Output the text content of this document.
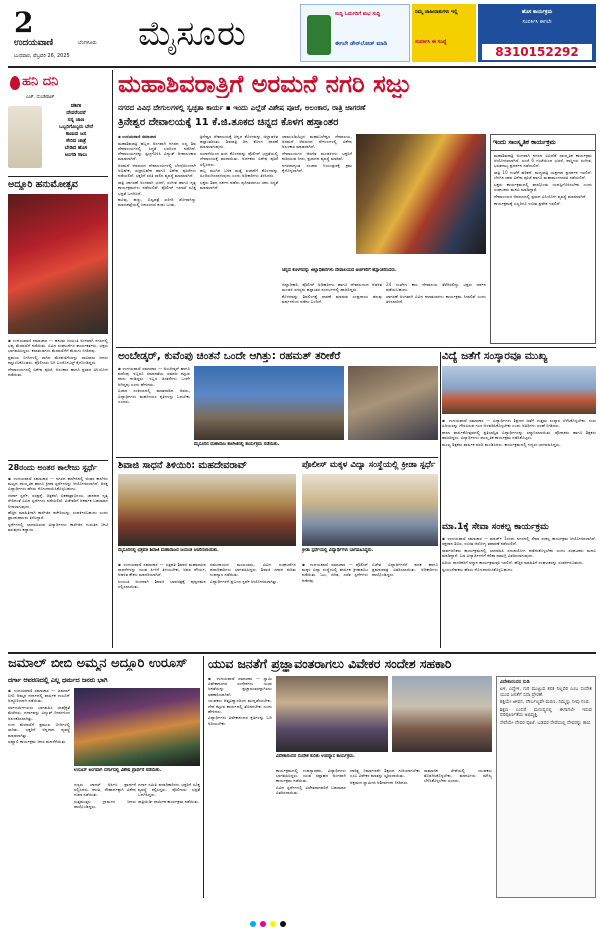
2
ಉದಯವಾಣಿ	ಬೆಂಗಳೂರು
ಬುಧವಾರ, ಫೆಬ್ರವರಿ 26, 2025
ಮೈಸೂರು	ಸುದ್ದಿ ಓದುಗರಿಗೆ ಶುಭ ಸುದ್ದಿ
ಈಗಲೇ ಡೌನ್‌ಲೋಡ್ ಮಾಡಿ
ನಿಮ್ಮ ಜಾಹೀರಾತುಗಳು ಇಲ್ಲಿ
ಸಂಪರ್ಕಿಸಿ ಈ ಸಂಖ್ಯೆ
ಹೊಸ ಕಾರ್ಯಕ್ರಮ
ಸಂಪರ್ಕಿಸಿ ಈಗಲೇ
8310152292
ಹನಿ ದನಿ
ಎಚ್. ದುಂಡಿರಾಜ್
ಜಾಣ
ದೇವರೆಂದರೆ
ನನ್ನ ಜಾಣ
ಒಬ್ಬರಿಗೊಬ್ಬರು ಬೇರೆ
ಕಾಣುವ ಜನ
ಸೇರಿದ ಜಾತ್ರೆ
ಬೇಡಿದ ಹೊಸ
ಅಂಗಡಿ ಸಾಲು
ಅದ್ದೂರಿ ಹನುಮೋತ್ಸವ

▪ ಉದಯವಾಣಿ ಸಮಾಚಾರ — ಹನುಮ ಜಯಂತಿ ಅಂಗವಾಗಿ ನಗರದಲ್ಲಿ ಭವ್ಯ ಮೆರವಣಿಗೆ ನಡೆಯಿತು. ವಿವಿಧ ಸಂಘಟನೆಗಳ ಕಾರ್ಯಕರ್ತರು, ಭಕ್ತರು ಭಾಗವಹಿಸಿದ್ದರು. ಕಲಾತಂಡಗಳು ಮೆರವಣಿಗೆಗೆ ಮೆರುಗು ನೀಡಿದವು.

ಪ್ರಮುಖ ಬೀದಿಗಳಲ್ಲಿ ಸಾಗಿದ ಮೆರವಣಿಗೆಯನ್ನು ಸಾವಿರಾರು ಜನರು ಕಣ್ತುಂಬಿಕೊಂಡರು. ಪೊಲೀಸರು ಬಿಗಿ ಬಂದೋಬಸ್ತ್ ಕೈಗೊಂಡಿದ್ದರು.

ದೇವಾಲಯಗಳಲ್ಲಿ ವಿಶೇಷ ಪೂಜೆ, ಅಲಂಕಾರ ಹಾಗೂ ಪ್ರಸಾದ ವಿನಿಯೋಗ ನಡೆಯಿತು.

28ರಂದು ಅಂತರ ಕಾಲೇಜು ಸ್ಪರ್ಧೆ

▪ ಉದಯವಾಣಿ ಸಮಾಚಾರ — ನಗರದ ಕಾಲೇಜಿನಲ್ಲಿ ಅಂತರ ಕಾಲೇಜು ಮಟ್ಟದ ಸಾಂಸ್ಕೃತಿಕ ಹಾಗೂ ಕ್ರೀಡಾ ಸ್ಪರ್ಧೆಗಳನ್ನು ಆಯೋಜಿಸಲಾಗಿದೆ. ಆಸಕ್ತ ವಿದ್ಯಾರ್ಥಿಗಳು ಹೆಸರು ನೋಂದಾಯಿಸಿಕೊಳ್ಳಬಹುದು.

ಚರ್ಚಾ ಸ್ಪರ್ಧೆ, ರಸಪ್ರಶ್ನೆ, ಚಿತ್ರಕಲೆ, ಏಕಪಾತ್ರಾಭಿನಯ, ಜಾನಪದ ನೃತ್ಯ ಸೇರಿದಂತೆ ವಿವಿಧ ಸ್ಪರ್ಧೆಗಳು ನಡೆಯಲಿವೆ. ವಿಜೇತರಿಗೆ ಆಕರ್ಷಕ ಬಹುಮಾನ ನೀಡಲಾಗುವುದು.

ಹೆಚ್ಚಿನ ಮಾಹಿತಿಗಾಗಿ ಕಾಲೇಜಿನ ಕಚೇರಿಯನ್ನು ಸಂಪರ್ಕಿಸಬಹುದು ಎಂದು ಪ್ರಾಂಶುಪಾಲರು ತಿಳಿಸಿದ್ದಾರೆ.

ಸ್ಪರ್ಧೆಗಳಲ್ಲಿ ಭಾಗವಹಿಸುವ ವಿದ್ಯಾರ್ಥಿಗಳು ಕಾಲೇಜಿನ ಗುರುತಿನ ಚೀಟಿ ತರುವುದು ಕಡ್ಡಾಯ.

ಮಹಾಶಿವರಾತ್ರಿಗೆ ಅರಮನೆ ನಗರಿ ಸಜ್ಜು
ನಗರದ ವಿವಿಧ ದೇಗುಲಗಳಲ್ಲಿ ಸ್ವಚ್ಛತಾ ಕಾರ್ಯ ▪ ಇಂದು ಎಲ್ಲೆಡೆ ವಿಶೇಷ ಪೂಜೆ, ಅಲಂಕಾರ, ರಾತ್ರಿ ಜಾಗರಣೆ
ತ್ರಿನೇಶ್ವರ ದೇವಾಲಯಕ್ಕೆ 11 ಕೆ.ಜಿ.ತೂಕದ ಚಿನ್ನದ ಕೊಳಗ ಹಸ್ತಾಂತರ

▪ ಉದಯವಾಣಿ ಸಮಾಚಾರ

ಮಹಾಶಿವರಾತ್ರಿ ಹಬ್ಬದ ಅಂಗವಾಗಿ ನಗರದ ಎಲ್ಲ ಶಿವ ದೇವಾಲಯಗಳಲ್ಲಿ ಸಿದ್ಧತೆ ಭರದಿಂದ ನಡೆದಿದೆ. ದೇವಾಲಯಗಳನ್ನು ಸ್ವಚ್ಛಗೊಳಿಸಿ ವಿದ್ಯುತ್ ದೀಪಾಲಂಕಾರ ಮಾಡಲಾಗಿದೆ.

ಅರಮನೆ ಆವರಣದ ದೇವಾಲಯಗಳಲ್ಲಿ ಬೆಳಗ್ಗೆಯಿಂದಲೇ ಅಭಿಷೇಕ, ರುದ್ರಾಭಿಷೇಕ ಹಾಗೂ ವಿಶೇಷ ಪೂಜೆಗಳು ನಡೆಯಲಿವೆ. ಭಕ್ತರಿಗೆ ಸರತಿ ಸಾಲಿನ ವ್ಯವಸ್ಥೆ ಮಾಡಲಾಗಿದೆ.

ರಾತ್ರಿ ಜಾಗರಣೆ ಅಂಗವಾಗಿ ಭಜನೆ, ಸಂಗೀತ ಹಾಗೂ ನೃತ್ಯ ಕಾರ್ಯಕ್ರಮಗಳು ನಡೆಯಲಿವೆ. ಪೊಲೀಸ್ ಇಲಾಖೆ ಸೂಕ್ತ ಭದ್ರತೆ ಒದಗಿಸಿದೆ.

ಹೂವು, ಹಣ್ಣು, ಬಿಲ್ವಪತ್ರೆ ಖರೀದಿ ಜೋರಾಗಿದ್ದು ಮಾರುಕಟ್ಟೆಯಲ್ಲಿ ಜನಸಂದಣಿ ಕಂಡು ಬಂತು.

ತ್ರಿನೇಶ್ವರ ದೇವಾಲಯಕ್ಕೆ ಚಿನ್ನದ ಕೊಳಗವನ್ನು ಜಿಲ್ಲಾಡಳಿತ ಹಸ್ತಾಂತರಿಸಿತು. ಶಿವರಾತ್ರಿ ದಿನ ಕೊಳಗ ಧಾರಣೆ ಮಾಡಲಾಗುವುದು.

ಖಜಾನೆಯಿಂದ ತಂದ ಕೊಳಗವನ್ನು ಪೊಲೀಸ್ ಭದ್ರತೆಯಲ್ಲಿ ದೇವಾಲಯಕ್ಕೆ ತರಲಾಯಿತು. ಅರ್ಚಕರು ವಿಶೇಷ ಪೂಜೆ ಸಲ್ಲಿಸಿದರು.

ಹಬ್ಬ ಮುಗಿದ ಬಳಿಕ ಮತ್ತೆ ಖಜಾನೆಗೆ ಕೊಳಗವನ್ನು ಹಿಂದಿರುಗಿಸಲಾಗುವುದು ಎಂದು ಅಧಿಕಾರಿಗಳು ತಿಳಿಸಿದರು.

ಭಕ್ತರು ಶಿವನ ದರ್ಶನ ಪಡೆದು ಪುನೀತರಾಗಲು ಸಕಲ ಸಿದ್ಧತೆ ಮಾಡಲಾಗಿದೆ.

ಚಾಮುಂಡಿಬೆಟ್ಟದ ಮಹಾಬಲೇಶ್ವರ ದೇವಾಲಯ, ಅರಮನೆ ಆವರಣದ ದೇಗುಲಗಳಲ್ಲಿ ವಿಶೇಷ ಅಲಂಕಾರ ಮಾಡಲಾಗಿದೆ.

ದೇವಾಲಯಗಳ ಆಡಳಿತ ಮಂಡಳಿಗಳು ಭಕ್ತರಿಗೆ ಕುಡಿಯುವ ನೀರು, ಪ್ರಸಾದದ ವ್ಯವಸ್ಥೆ ಮಾಡಿವೆ.

ನಗರದಾದ್ಯಂತ ಸಂಚಾರ ನಿಯಂತ್ರಣಕ್ಕೆ ಕ್ರಮ ಕೈಗೊಳ್ಳಲಾಗಿದೆ.

ಚಿನ್ನದ ಕೊಳಗವನ್ನು ಜಿಲ್ಲಾಧಿಕಾರಿಗಳು ದೇವಾಲಯದ ಅರ್ಚಕರಿಗೆ ಹಸ್ತಾಂತರಿಸಿದರು.

ಜಿಲ್ಲಾಧಿಕಾರಿ, ಪೊಲೀಸ್ ಅಧಿಕಾರಿಗಳು ಹಾಗೂ ದೇವಾಲಯದ ಆಡಳಿತ ಮಂಡಳಿ ಸದಸ್ಯರು ಹಸ್ತಾಂತರ ಸಂದರ್ಭದಲ್ಲಿ ಹಾಜರಿದ್ದರು.

ಕೊಳಗವನ್ನು ಶಿವಲಿಂಗಕ್ಕೆ ಧಾರಣೆ ಮಾಡುವ ಸಂಪ್ರದಾಯ ಹಲವು ವರ್ಷಗಳಿಂದ ನಡೆದು ಬಂದಿದೆ.

24 ಗಂಟೆಗಳ ಕಾಲ ದೇವಾಲಯ ತೆರೆದಿರಲಿದ್ದು ಭಕ್ತರು ದರ್ಶನ ಪಡೆಯಬಹುದು.

ಜಾಗರಣೆ ಅಂಗವಾಗಿ ವಿವಿಧ ಕಲಾತಂಡಗಳು ಕಾರ್ಯಕ್ರಮ ನೀಡಲಿವೆ ಎಂದು ತಿಳಿಸಲಾಗಿದೆ.

ಇಂದು ಸಾಂಸ್ಕೃತಿಕ ಕಾರ್ಯಕ್ರಮ

ಮಹಾಶಿವರಾತ್ರಿ ಅಂಗವಾಗಿ ನಗರದ ವಿವಿಧೆಡೆ ಸಾಂಸ್ಕೃತಿಕ ಕಾರ್ಯಕ್ರಮ ಆಯೋಜಿಸಲಾಗಿದೆ. ಸಂಜೆ 6 ಗಂಟೆಯಿಂದ ಭಜನೆ, ಶಾಸ್ತ್ರೀಯ ಸಂಗೀತ, ಭರತನಾಟ್ಯ ಪ್ರದರ್ಶನ ನಡೆಯಲಿದೆ.

ರಾತ್ರಿ 10 ಗಂಟೆಗೆ ಹರಿಕಥೆ, ಮಧ್ಯರಾತ್ರಿ ಯಕ್ಷಗಾನ ಪ್ರದರ್ಶನ ಇರಲಿದೆ. ಬೆಳಗಿನ ಜಾವ ವಿಶೇಷ ಪೂಜೆ ಹಾಗೂ ಮಹಾಮಂಗಳಾರತಿ ನಡೆಯಲಿದೆ.

ಭಕ್ತರು ಕಾರ್ಯಕ್ರಮದಲ್ಲಿ ಪಾಲ್ಗೊಂಡು ಯಶಸ್ವಿಗೊಳಿಸಬೇಕು ಎಂದು ಸಂಘಟಕರು ಮನವಿ ಮಾಡಿದ್ದಾರೆ.

ದೇವಾಲಯದ ಆವರಣದಲ್ಲಿ ಪ್ರಸಾದ ವಿನಿಯೋಗ ವ್ಯವಸ್ಥೆ ಮಾಡಲಾಗಿದೆ.

ಕಾರ್ಯಕ್ರಮಕ್ಕೆ ಎಲ್ಲರಿಗೂ ಉಚಿತ ಪ್ರವೇಶ ಇರಲಿದೆ.

ಅಂಬೇಡ್ಕರ್, ಕುವೆಂಪು ಚಿಂತನೆ ಒಂದೇ ಆಗಿತ್ತು: ರಹಮತ್ ತರೀಕೆರೆ	ವಿದ್ಯೆ ಜತೆಗೆ ಸಂಸ್ಕಾರವೂ ಮುಖ್ಯ

▪ ಉದಯವಾಣಿ ಸಮಾಚಾರ — ಅಂಬೇಡ್ಕರ್ ಹಾಗೂ ಕುವೆಂಪು ಇಬ್ಬರೂ ಸಮಾನತೆಯ ಸಮಾಜ ಕಟ್ಟುವ ಕನಸು ಕಂಡಿದ್ದರು. ಇಬ್ಬರ ಚಿಂತನೆಗಳು ಒಂದೇ ಆಗಿದ್ದವು ಎಂದು ಹೇಳಿದರು.

ವಿಚಾರ ಸಂಕಿರಣದಲ್ಲಿ ಮಾತನಾಡಿದ ಅವರು, ವಿದ್ಯಾರ್ಥಿಗಳು ಮಹನೀಯರ ಕೃತಿಗಳನ್ನು ಓದಬೇಕು ಎಂದರು.

ಮೈಸೂರಿನ ಮಹಾರಾಜ ಕಾಲೇಜಿನಲ್ಲಿ ಕಾರ್ಯಕ್ರಮ ನಡೆಯಿತು.

▪ ಉದಯವಾಣಿ ಸಮಾಚಾರ — ವಿದ್ಯಾರ್ಥಿಗಳು ಶಿಕ್ಷಣದ ಜತೆಗೆ ಉತ್ತಮ ಸಂಸ್ಕಾರ ಬೆಳೆಸಿಕೊಳ್ಳಬೇಕು. ಗುರು ಹಿರಿಯರನ್ನು ಗೌರವಿಸುವ ಗುಣ ಅಳವಡಿಸಿಕೊಳ್ಳಬೇಕು ಎಂದು ಅತಿಥಿಗಳು ಸಲಹೆ ನೀಡಿದರು.

ಶಾಲಾ ವಾರ್ಷಿಕೋತ್ಸವದಲ್ಲಿ ಪ್ರತಿಭಾನ್ವಿತ ವಿದ್ಯಾರ್ಥಿಗಳನ್ನು ಸನ್ಮಾನಿಸಲಾಯಿತು. ಪೋಷಕರು ಹಾಗೂ ಶಿಕ್ಷಕರು ಹಾಜರಿದ್ದರು. ವಿದ್ಯಾರ್ಥಿಗಳು ಸಾಂಸ್ಕೃತಿಕ ಕಾರ್ಯಕ್ರಮ ನಡೆಸಿಕೊಟ್ಟರು.

ಮುಖ್ಯ ಶಿಕ್ಷಕರು ವಾರ್ಷಿಕ ವರದಿ ಮಂಡಿಸಿದರು. ಕಾರ್ಯಕ್ರಮದಲ್ಲಿ ಗಣ್ಯರು ಭಾಗವಹಿಸಿದ್ದರು.

ಶಿವಾಜಿ ಸಾಧನೆ ತಿಳಿಯಿರಿ: ಮಹದೇವರಾವ್	ಪೊಲೀಸ್ ಮಕ್ಕಳ ವಿದ್ಯಾ ಸಂಸ್ಥೆಯಲ್ಲಿ ಕ್ರೀಡಾ ಸ್ಪರ್ಧೆ
ಮೈಸೂರಿನಲ್ಲಿ ಛತ್ರಪತಿ ಶಿವಾಜಿ ಮಹಾರಾಜರ ಜಯಂತಿ ಆಚರಿಸಲಾಯಿತು.

▪ ಉದಯವಾಣಿ ಸಮಾಚಾರ — ಛತ್ರಪತಿ ಶಿವಾಜಿ ಮಹಾರಾಜರ ಸಾಧನೆಗಳನ್ನು ಯುವ ಪೀಳಿಗೆ ತಿಳಿಯಬೇಕು. ಅವರ ಶೌರ್ಯ, ಆಡಳಿತ ಕೌಶಲ ಮಾದರಿಯಾಗಿದೆ.

ಜಯಂತಿ ಅಂಗವಾಗಿ ಶಿವಾಜಿ ಭಾವಚಿತ್ರಕ್ಕೆ ಪುಷ್ಪನಮನ ಸಲ್ಲಿಸಲಾಯಿತು.

ಸಮುದಾಯದ ಮುಖಂಡರು, ವಿವಿಧ ಸಂಘಟನೆಗಳ ಪದಾಧಿಕಾರಿಗಳು ಭಾಗವಹಿಸಿದ್ದರು. ಶಿವಾಜಿ ಜೀವನ ಕುರಿತು ಉಪನ್ಯಾಸ ನಡೆಯಿತು.

ವಿದ್ಯಾರ್ಥಿಗಳಿಗೆ ಪ್ರಬಂಧ ಸ್ಪರ್ಧೆ ಆಯೋಜಿಸಲಾಗಿತ್ತು.

ಕ್ರೀಡಾ ಸ್ಪರ್ಧೆಯಲ್ಲಿ ವಿದ್ಯಾರ್ಥಿಗಳು ಭಾಗವಹಿಸಿದ್ದರು.

▪ ಉದಯವಾಣಿ ಸಮಾಚಾರ — ಪೊಲೀಸ್ ಮಕ್ಕಳ ವಿದ್ಯಾ ಸಂಸ್ಥೆಯಲ್ಲಿ ವಾರ್ಷಿಕ ಕ್ರೀಡಾಕೂಟ ನಡೆಯಿತು. ಓಟ, ಜಿಗಿತ, ಎಸೆತ ಸ್ಪರ್ಧೆಗಳು ನಡೆದವು.

ವಿಜೇತ ವಿದ್ಯಾರ್ಥಿಗಳಿಗೆ ಪದಕ ಹಾಗೂ ಪ್ರಮಾಣಪತ್ರ ವಿತರಿಸಲಾಯಿತು. ಅಧಿಕಾರಿಗಳು ಪಾಲ್ಗೊಂಡಿದ್ದರು.

ಮಾ.1ಕ್ಕೆ ಸೇವಾ ಸಂಕಲ್ಪ ಕಾರ್ಯಕ್ರಮ

▪ ಉದಯವಾಣಿ ಸಮಾಚಾರ — ಮಾರ್ಚ್ 1ರಂದು ನಗರದಲ್ಲಿ ಸೇವಾ ಸಂಕಲ್ಪ ಕಾರ್ಯಕ್ರಮ ಆಯೋಜಿಸಲಾಗಿದೆ. ರಕ್ತದಾನ ಶಿಬಿರ, ಉಚಿತ ಆರೋಗ್ಯ ತಪಾಸಣೆ ನಡೆಯಲಿದೆ.

ಸಾರ್ವಜನಿಕರು ಕಾರ್ಯಕ್ರಮದಲ್ಲಿ ಭಾಗವಹಿಸಿ ಸದುಪಯೋಗ ಪಡೆದುಕೊಳ್ಳಬೇಕು ಎಂದು ಸಂಘಟಕರು ಮನವಿ ಮಾಡಿದ್ದಾರೆ. ಬಡ ವಿದ್ಯಾರ್ಥಿಗಳಿಗೆ ಕಲಿಕಾ ಸಾಮಗ್ರಿ ವಿತರಿಸಲಾಗುವುದು.

ಹಿರಿಯ ನಾಗರಿಕರಿಗೆ ಸನ್ಮಾನ ಕಾರ್ಯಕ್ರಮವೂ ಇರಲಿದೆ. ಹೆಚ್ಚಿನ ಮಾಹಿತಿಗೆ ಸಂಘಟಕರನ್ನು ಸಂಪರ್ಕಿಸಬಹುದು.

ಸ್ವಯಂಸೇವಕರು ಹೆಸರು ನೋಂದಾಯಿಸಿಕೊಳ್ಳಬಹುದು.

ಜಮಾಲ್ ಬೀಬಿ ಅಮ್ಮನ ಅದ್ದೂರಿ ಉರೂಸ್
ದರ್ಗಾ ಆವರಣದಲ್ಲಿ ಎಲ್ಲ ಧರ್ಮದ ಜನರು ಭಾಗಿ

▪ ಉದಯವಾಣಿ ಸಮಾಚಾರ — ಜಮಾಲ್ ಬೀಬಿ ಅಮ್ಮನ ದರ್ಗಾದಲ್ಲಿ ವಾರ್ಷಿಕ ಉರೂಸ್ ಅದ್ದೂರಿಯಾಗಿ ನಡೆಯಿತು.

ಸರ್ವಧರ್ಮೀಯರು ಭಾಗವಹಿಸಿ ಭಾವೈಕ್ಯತೆ ಮೆರೆದರು. ದರ್ಗಾವನ್ನು ವಿದ್ಯುತ್ ದೀಪಗಳಿಂದ ಅಲಂಕರಿಸಲಾಗಿತ್ತು.

ಗಂಧ ಮೆರವಣಿಗೆ ಪ್ರಮುಖ ಬೀದಿಗಳಲ್ಲಿ ಸಾಗಿತು. ಭಕ್ತರಿಗೆ ಅನ್ನದಾನ ವ್ಯವಸ್ಥೆ ಮಾಡಲಾಗಿತ್ತು.

ಖವ್ವಾಲಿ ಕಾರ್ಯಕ್ರಮ ಜನರ ಮನಸೆಳೆಯಿತು.

ಉರೂಸ್ ಅಂಗವಾಗಿ ದರ್ಗಾದಲ್ಲಿ ವಿಶೇಷ ಪ್ರಾರ್ಥನೆ ನಡೆಯಿತು.

ಗಣ್ಯರು ಚಾದರ್ ಅರ್ಪಿಸಿ ಪ್ರಾರ್ಥನೆ ಸಲ್ಲಿಸಿದರು. ಶಾಂತಿ, ಸೌಹಾರ್ದಕ್ಕಾಗಿ ವಿಶೇಷ ದುವಾ ನಡೆಯಿತು.

ಸುತ್ತಮುತ್ತಲ ಗ್ರಾಮಗಳ ಜನರು ಪಾಲ್ಗೊಂಡಿದ್ದರು.

ದರ್ಗಾ ಸಮಿತಿ ಪದಾಧಿಕಾರಿಗಳು ಭಕ್ತರಿಗೆ ಸೂಕ್ತ ವ್ಯವಸ್ಥೆ ಕಲ್ಪಿಸಿದ್ದರು. ಪೊಲೀಸರು ಭದ್ರತೆ ಒದಗಿಸಿದ್ದರು.

ರಾತ್ರಿಯಿಡೀ ಧಾರ್ಮಿಕ ಕಾರ್ಯಕ್ರಮ ನಡೆಯಿತು.

ಯುವ ಜನತೆಗೆ ಪ್ರಜ್ಞಾವಂತರಾಗಲು ವಿವೇಕರ ಸಂದೇಶ ಸಹಕಾರಿ

▪ ಉದಯವಾಣಿ ಸಮಾಚಾರ — ಸ್ವಾಮಿ ವಿವೇಕಾನಂದರ ಸಂದೇಶಗಳು ಯುವ ಜನತೆಯನ್ನು ಪ್ರಜ್ಞಾವಂತರನ್ನಾಗಿಸಲು ಸಹಕಾರಿಯಾಗಿವೆ.

ಯುವಕರು ಆತ್ಮವಿಶ್ವಾಸದಿಂದ ಮುನ್ನಡೆಯಬೇಕು. ದೇಶ ಕಟ್ಟುವ ಕಾರ್ಯದಲ್ಲಿ ತೊಡಗಬೇಕು ಎಂದು ಹೇಳಿದರು.

ವಿದ್ಯಾರ್ಥಿಗಳು ವಿವೇಕಾನಂದರ ಕೃತಿಗಳನ್ನು ಓದಿ ಅರಿಯಬೇಕು.

ವಿವೇಕಾನಂದರ ಸಂದೇಶ ಕುರಿತು ಉಪನ್ಯಾಸ ಕಾರ್ಯಕ್ರಮ.

ಕಾರ್ಯಕ್ರಮದಲ್ಲಿ ಉಪನ್ಯಾಸಕರು, ವಿದ್ಯಾರ್ಥಿಗಳು ಭಾಗವಹಿಸಿದ್ದರು. ಯುವ ಸಪ್ತಾಹದ ಅಂಗವಾಗಿ ಕಾರ್ಯಕ್ರಮ ನಡೆಯಿತು.

ವಿವಿಧ ಸ್ಪರ್ಧೆಗಳಲ್ಲಿ ವಿಜೇತರಾದವರಿಗೆ ಬಹುಮಾನ ವಿತರಿಸಲಾಯಿತು.

ಚಾರಿತ್ರ್ಯ ನಿರ್ಮಾಣವೇ ಶಿಕ್ಷಣದ ಗುರಿಯಾಗಬೇಕು ಎಂಬ ವಿವೇಕರ ಮಾತನ್ನು ಸ್ಮರಿಸಲಾಯಿತು.

ಆಶ್ರಮದ ಸ್ವಾಮೀಜಿ ಆಶೀರ್ವಚನ ನೀಡಿದರು.

ಸಾಮಾಜಿಕ ಸೇವೆಯಲ್ಲಿ ಯುವಕರು ತೊಡಗಿಸಿಕೊಳ್ಳಬೇಕು. ಮಾನವೀಯ ಮೌಲ್ಯ ಬೆಳೆಸಿಕೊಳ್ಳಬೇಕು ಎಂದರು.

ವಿವೇಕಾನಂದರ ನುಡಿ

ಏಳಿ, ಎದ್ದೇಳಿ, ಗುರಿ ಮುಟ್ಟುವ ತನಕ ನಿಲ್ಲದಿರಿ ಎಂಬ ಸಂದೇಶ ಯುವ ಜನತೆಗೆ ಸದಾ ಪ್ರೇರಣೆ.

ಶಕ್ತಿಯೇ ಜೀವನ, ದೌರ್ಬಲ್ಯವೇ ಮರಣ. ನಿಮ್ಮನ್ನು ನೀವು ನಂಬಿ.

ಶಿಕ್ಷಣ ಎಂದರೆ ಮನುಷ್ಯನಲ್ಲಿ ಈಗಾಗಲೇ ಇರುವ ಪರಿಪೂರ್ಣತೆಯ ಅಭಿವ್ಯಕ್ತಿ.

ಸೇವೆಯೇ ದೇವರ ಪೂಜೆ. ಬಡವರ ಸೇವೆಯಲ್ಲಿ ದೇವರನ್ನು ಕಾಣಿ.
